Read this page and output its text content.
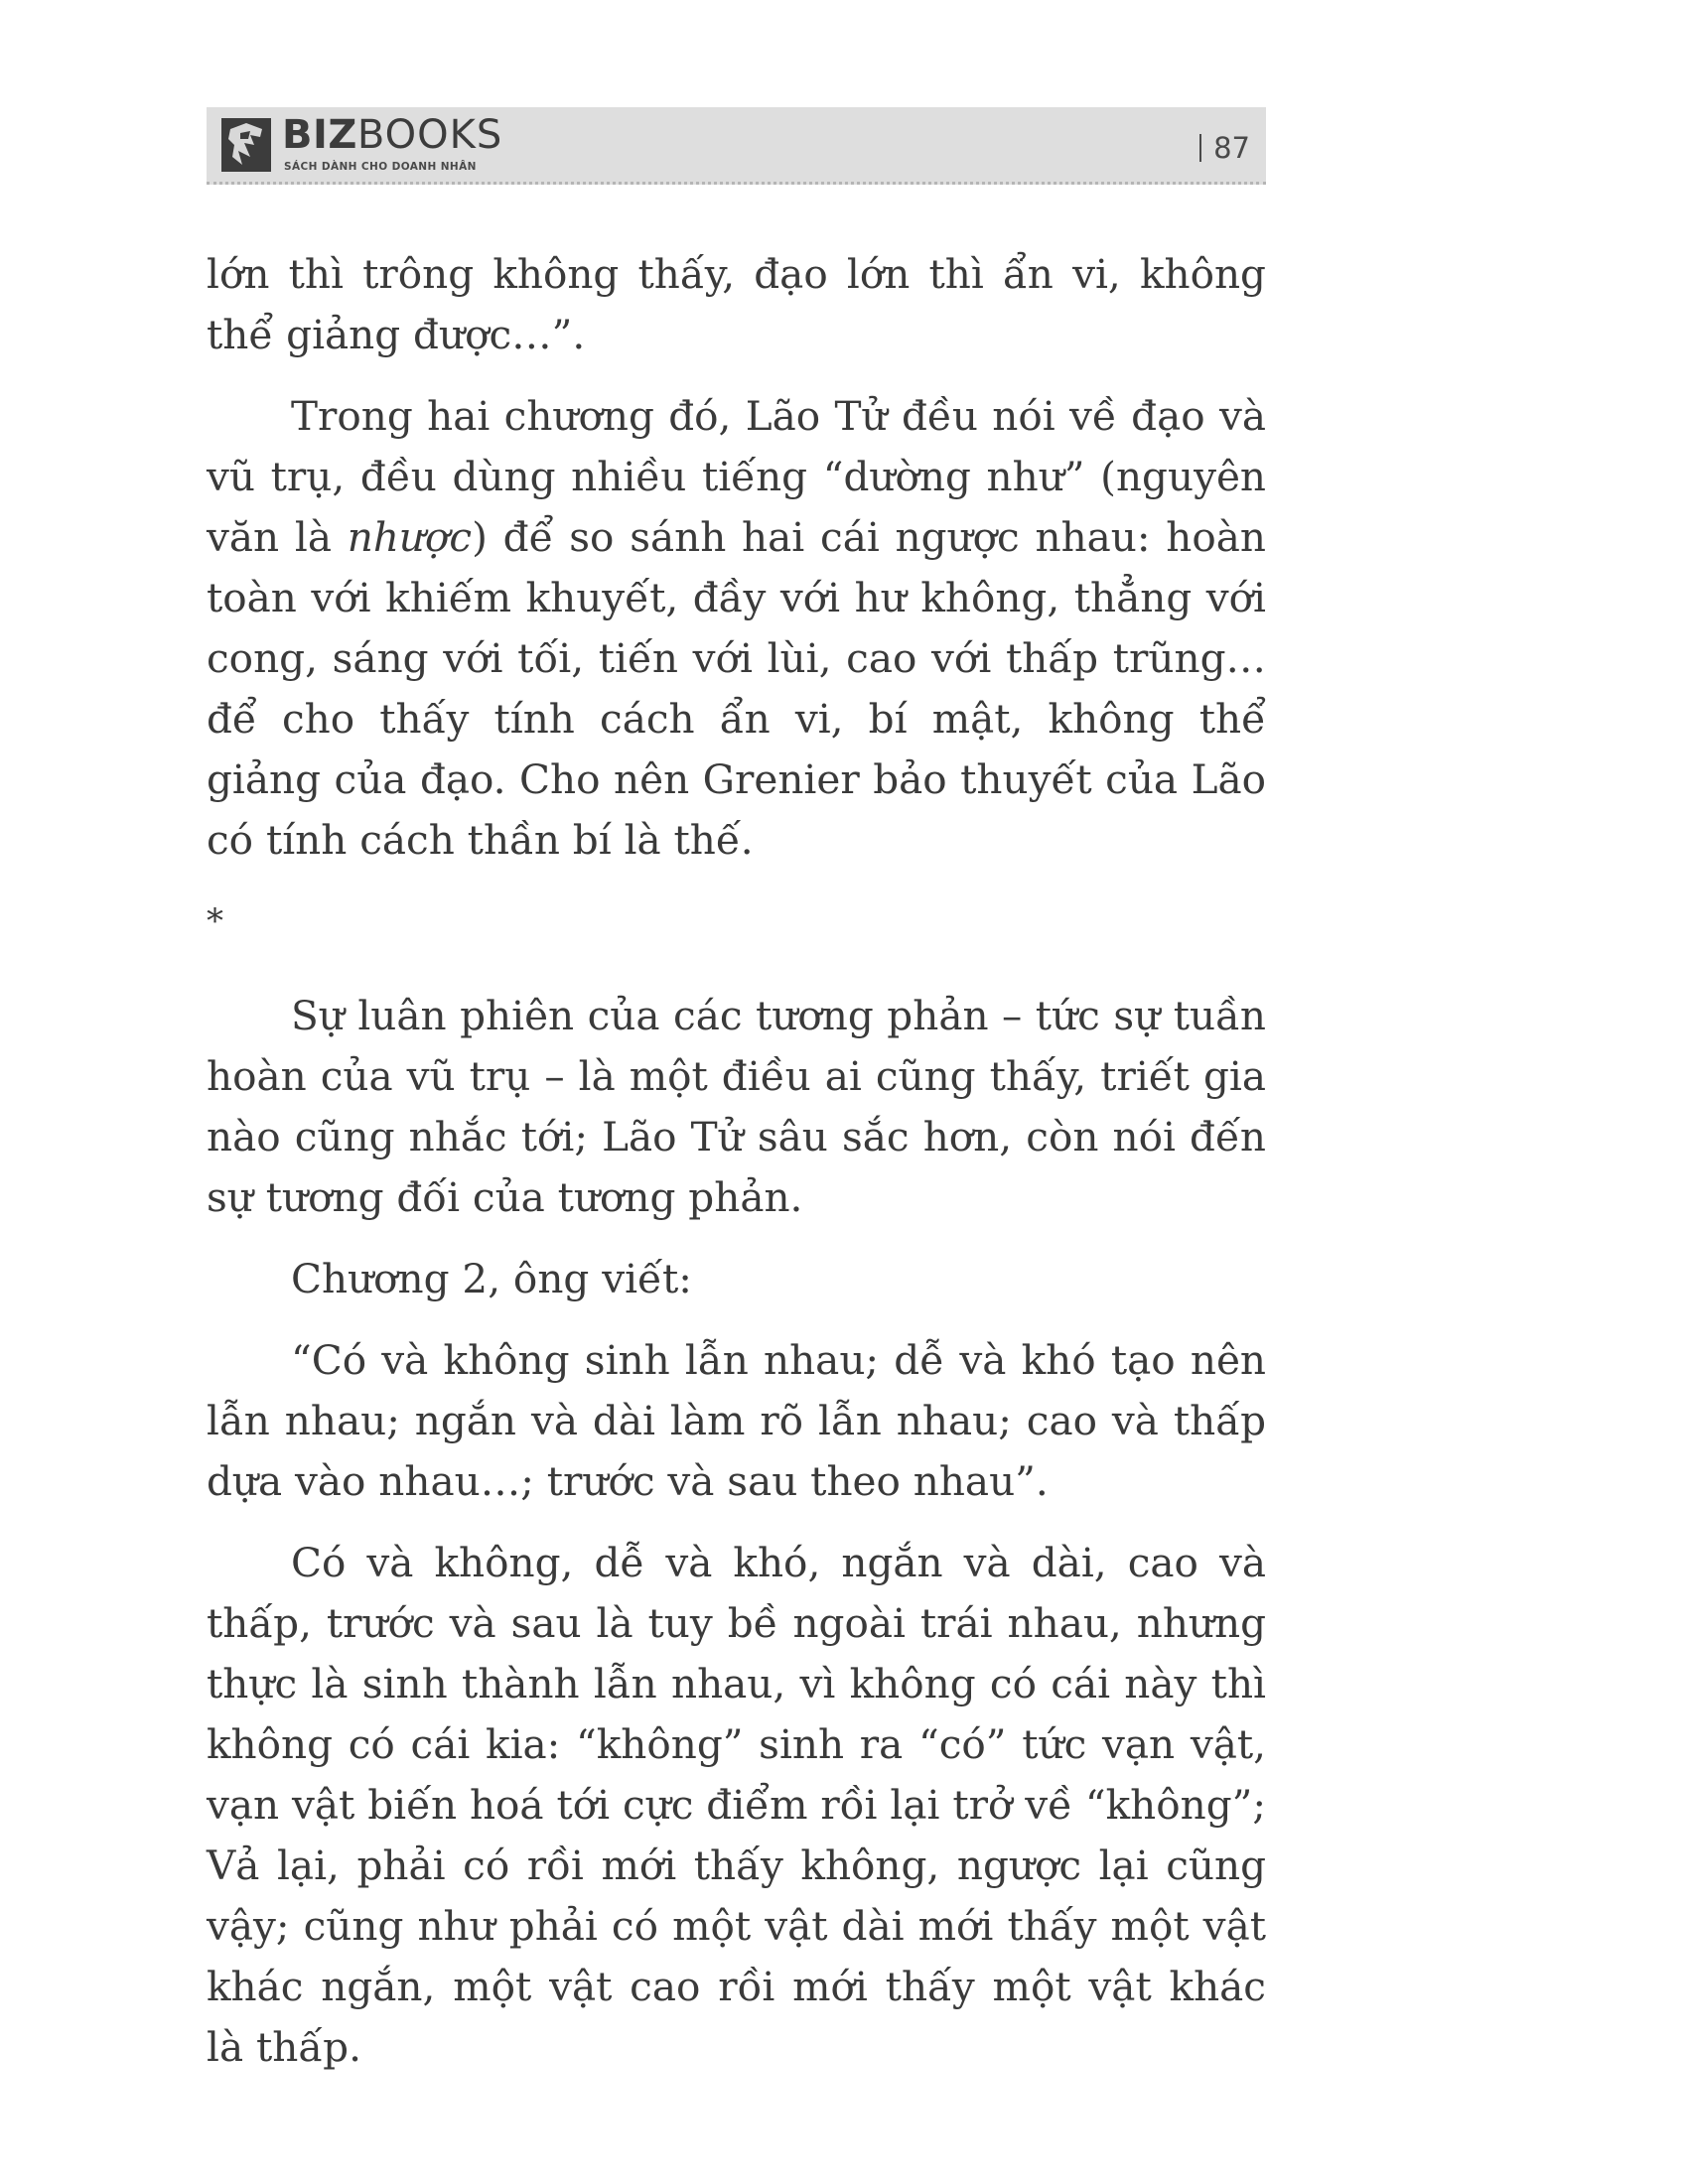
BIZBOOKS
SÁCH DÀNH CHO DOANH NHÂN
87

lớn thì trông không thấy, đạo lớn thì ẩn vi, không thể giảng được…”.

Trong hai chương đó, Lão Tử đều nói về đạo và vũ trụ, đều dùng nhiều tiếng “dường như” (nguyên văn là nhược) để so sánh hai cái ngược nhau: hoàn toàn với khiếm khuyết, đầy với hư không, thẳng với cong, sáng với tối, tiến với lùi, cao với thấp trũng… để cho thấy tính cách ẩn vi, bí mật, không thể giảng của đạo. Cho nên Grenier bảo thuyết của Lão có tính cách thần bí là thế.

*

Sự luân phiên của các tương phản – tức sự tuần hoàn của vũ trụ – là một điều ai cũng thấy, triết gia nào cũng nhắc tới; Lão Tử sâu sắc hơn, còn nói đến sự tương đối của tương phản.

Chương 2, ông viết:

“Có và không sinh lẫn nhau; dễ và khó tạo nên lẫn nhau; ngắn và dài làm rõ lẫn nhau; cao và thấp dựa vào nhau…; trước và sau theo nhau”.

Có và không, dễ và khó, ngắn và dài, cao và thấp, trước và sau là tuy bề ngoài trái nhau, nhưng thực là sinh thành lẫn nhau, vì không có cái này thì không có cái kia: “không” sinh ra “có” tức vạn vật, vạn vật biến hoá tới cực điểm rồi lại trở về “không”; Vả lại, phải có rồi mới thấy không, ngược lại cũng vậy; cũng như phải có một vật dài mới thấy một vật khác ngắn, một vật cao rồi mới thấy một vật khác là thấp.
